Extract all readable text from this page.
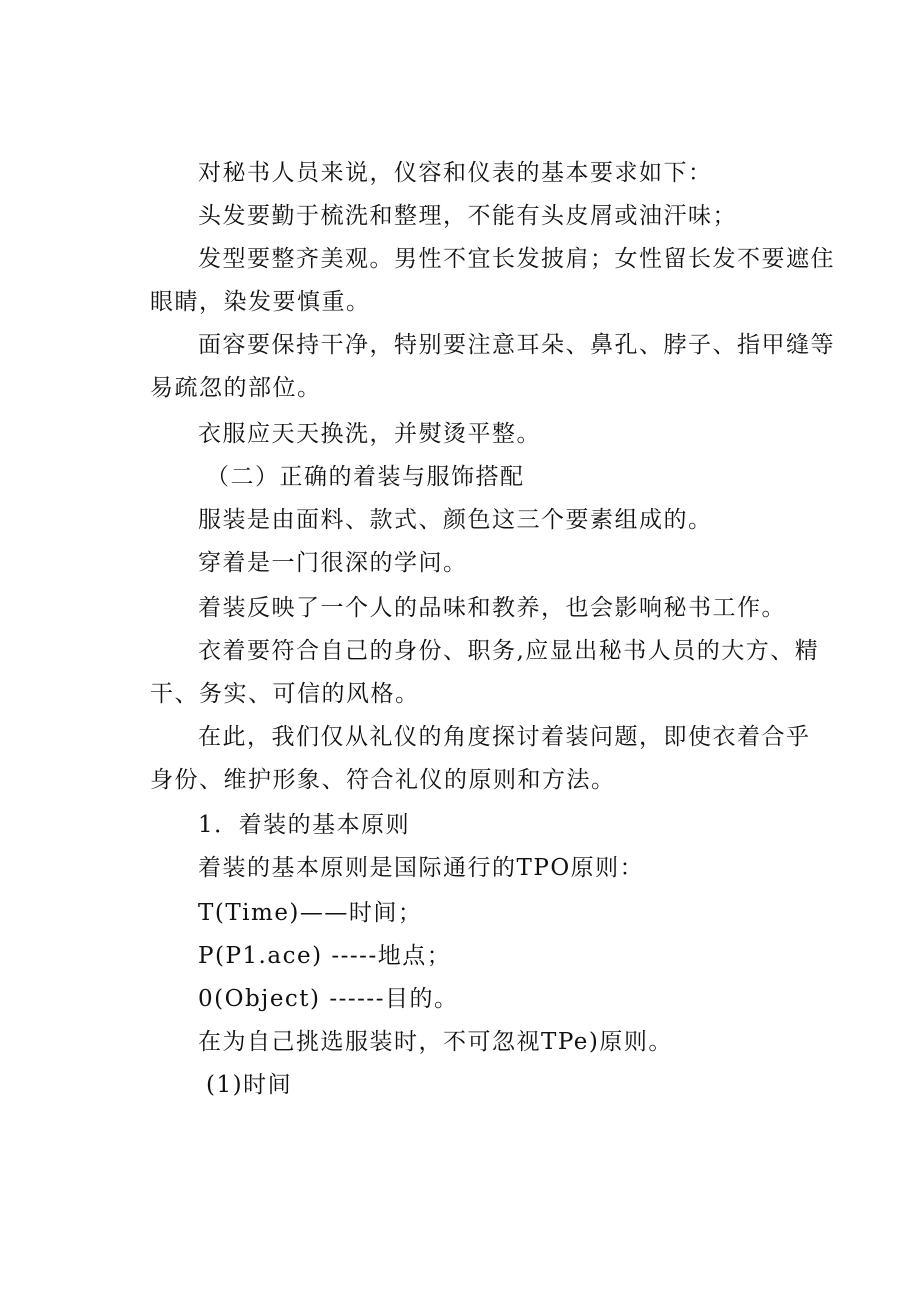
对秘书人员来说，仪容和仪表的基本要求如下：
头发要勤于梳洗和整理，不能有头皮屑或油汗味；
发型要整齐美观。男性不宜长发披肩；女性留长发不要遮住
眼睛，染发要慎重。
面容要保持干净，特别要注意耳朵、鼻孔、脖子、指甲缝等
易疏忽的部位。
衣服应天天换洗，并熨烫平整。
（二）正确的着装与服饰搭配
服装是由面料、款式、颜色这三个要素组成的。
穿着是一门很深的学问。
着装反映了一个人的品味和教养，也会影响秘书工作。
衣着要符合自己的身份、职务,应显出秘书人员的大方、精
干、务实、可信的风格。
在此，我们仅从礼仪的角度探讨着装问题，即使衣着合乎
身份、维护形象、符合礼仪的原则和方法。
1．着装的基本原则
着装的基本原则是国际通行的TPO原则：
T(Time)——时间；
P(P1.ace) -----地点；
0(Object) ------目的。
在为自己挑选服装时，不可忽视TPe)原则。
(1)时间
